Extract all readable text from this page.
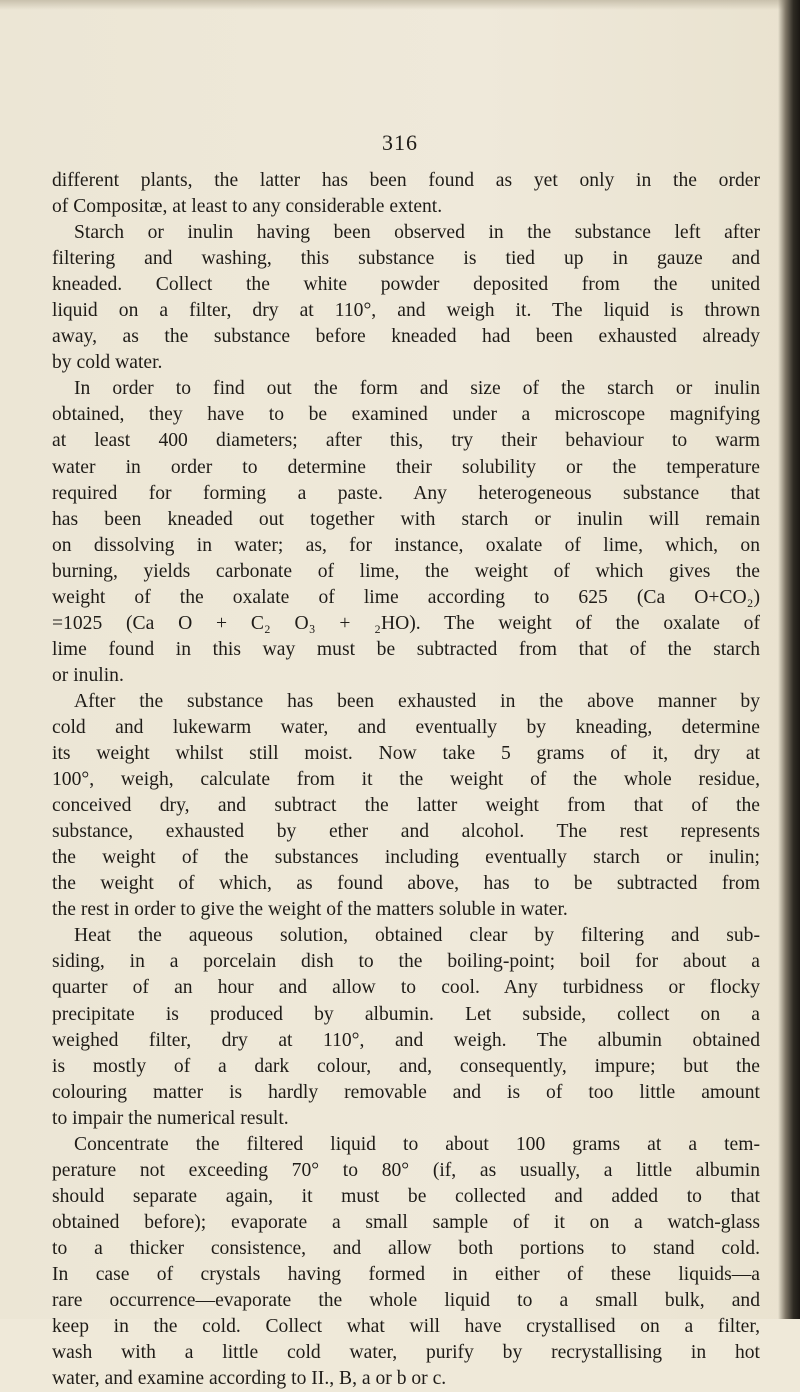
316
different plants, the latter has been found as yet only in the order
of Compositæ, at least to any considerable extent.
Starch or inulin having been observed in the substance left after
filtering and washing, this substance is tied up in gauze and
kneaded. Collect the white powder deposited from the united
liquid on a filter, dry at 110°, and weigh it. The liquid is thrown
away, as the substance before kneaded had been exhausted already
by cold water.
In order to find out the form and size of the starch or inulin
obtained, they have to be examined under a microscope magnifying
at least 400 diameters; after this, try their behaviour to warm
water in order to determine their solubility or the temperature
required for forming a paste. Any heterogeneous substance that
has been kneaded out together with starch or inulin will remain
on dissolving in water; as, for instance, oxalate of lime, which, on
burning, yields carbonate of lime, the weight of which gives the
weight of the oxalate of lime according to 625 (Ca O+CO₂)
=1025 (Ca O + C₂ O₃ + ₂HO). The weight of the oxalate of
lime found in this way must be subtracted from that of the starch
or inulin.
After the substance has been exhausted in the above manner by
cold and lukewarm water, and eventually by kneading, determine
its weight whilst still moist. Now take 5 grams of it, dry at
100°, weigh, calculate from it the weight of the whole residue,
conceived dry, and subtract the latter weight from that of the
substance, exhausted by ether and alcohol. The rest represents
the weight of the substances including eventually starch or inulin;
the weight of which, as found above, has to be subtracted from
the rest in order to give the weight of the matters soluble in water.
Heat the aqueous solution, obtained clear by filtering and sub-
siding, in a porcelain dish to the boiling-point; boil for about a
quarter of an hour and allow to cool. Any turbidness or flocky
precipitate is produced by albumin. Let subside, collect on a
weighed filter, dry at 110°, and weigh. The albumin obtained
is mostly of a dark colour, and, consequently, impure; but the
colouring matter is hardly removable and is of too little amount
to impair the numerical result.
Concentrate the filtered liquid to about 100 grams at a tem-
perature not exceeding 70° to 80° (if, as usually, a little albumin
should separate again, it must be collected and added to that
obtained before); evaporate a small sample of it on a watch-glass
to a thicker consistence, and allow both portions to stand cold.
In case of crystals having formed in either of these liquids—a
rare occurrence—evaporate the whole liquid to a small bulk, and
keep in the cold. Collect what will have crystallised on a filter,
wash with a little cold water, purify by recrystallising in hot
water, and examine according to II., B, a or b or c.
